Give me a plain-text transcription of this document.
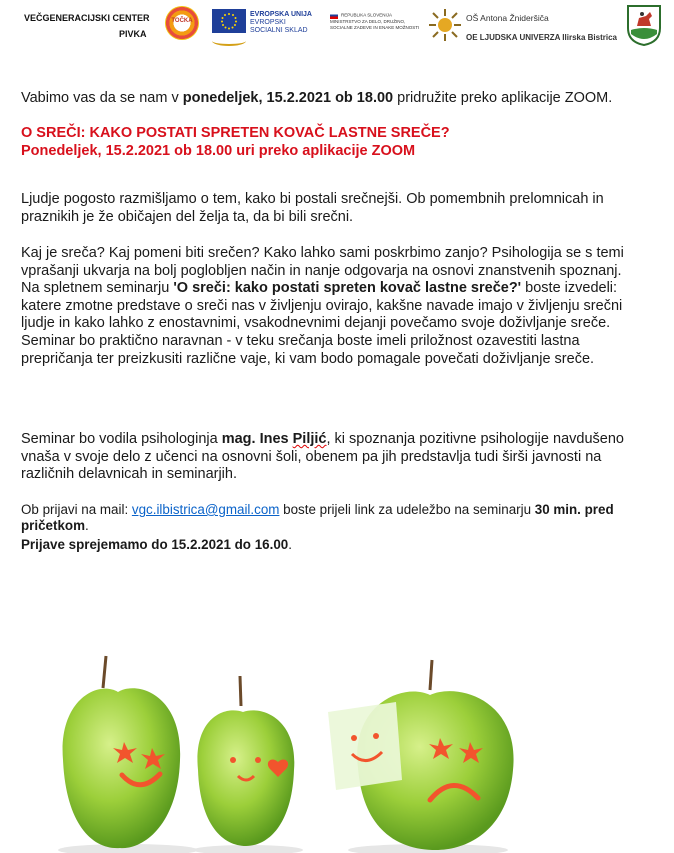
VEČGENERACIJSKI CENTER
PIVKA
TOČKA
EVROPSKA UNIJA
EVROPSKI
SOCIALNI SKLAD
REPUBLIKA SLOVENIJA
MINISTRSTVO ZA DELO, DRUŽINO,
SOCIALNE ZADEVE IN ENAKE MOŽNOSTI
OŠ Antona Žnideršiča
OE LJUDSKA UNIVERZA Ilirska Bistrica
Vabimo vas da se nam v ponedeljek, 15.2.2021 ob 18.00 pridružite preko aplikacije ZOOM.
O SREČI: KAKO POSTATI SPRETEN KOVAČ LASTNE SREČE?
Ponedeljek, 15.2.2021 ob 18.00 uri preko aplikacije ZOOM

Ljudje pogosto razmišljamo o tem, kako bi postali srečnejši. Ob pomembnih prelomnicah in praznikih je že običajen del želja ta, da bi bili srečni.

Kaj je sreča? Kaj pomeni biti srečen? Kako lahko sami poskrbimo zanjo? Psihologija se s temi vprašanji ukvarja na bolj poglobljen način in nanje odgovarja na osnovi znanstvenih spoznanj. Na spletnem seminarju 'O sreči: kako postati spreten kovač lastne sreče?' boste izvedeli: katere zmotne predstave o sreči nas v življenju ovirajo, kakšne navade imajo v življenju srečni ljudje in kako lahko z enostavnimi, vsakodnevnimi dejanji povečamo svoje doživljanje sreče. Seminar bo praktično naravnan - v teku srečanja boste imeli priložnost ozavestiti lastna prepričanja ter preizkusiti različne vaje, ki vam bodo pomagale povečati doživljanje sreče.

Seminar bo vodila psihologinja mag. Ines Piljić, ki spoznanja pozitivne psihologije navdušeno vnaša v svoje delo z učenci na osnovni šoli, obenem pa jih predstavlja tudi širši javnosti na različnih delavnicah in seminarjih.

Ob prijavi na mail: vgc.ilbistrica@gmail.com boste prijeli link za udeležbo na seminarju 30 min. pred pričetkom.

Prijave sprejemamo do 15.2.2021 do 16.00.
